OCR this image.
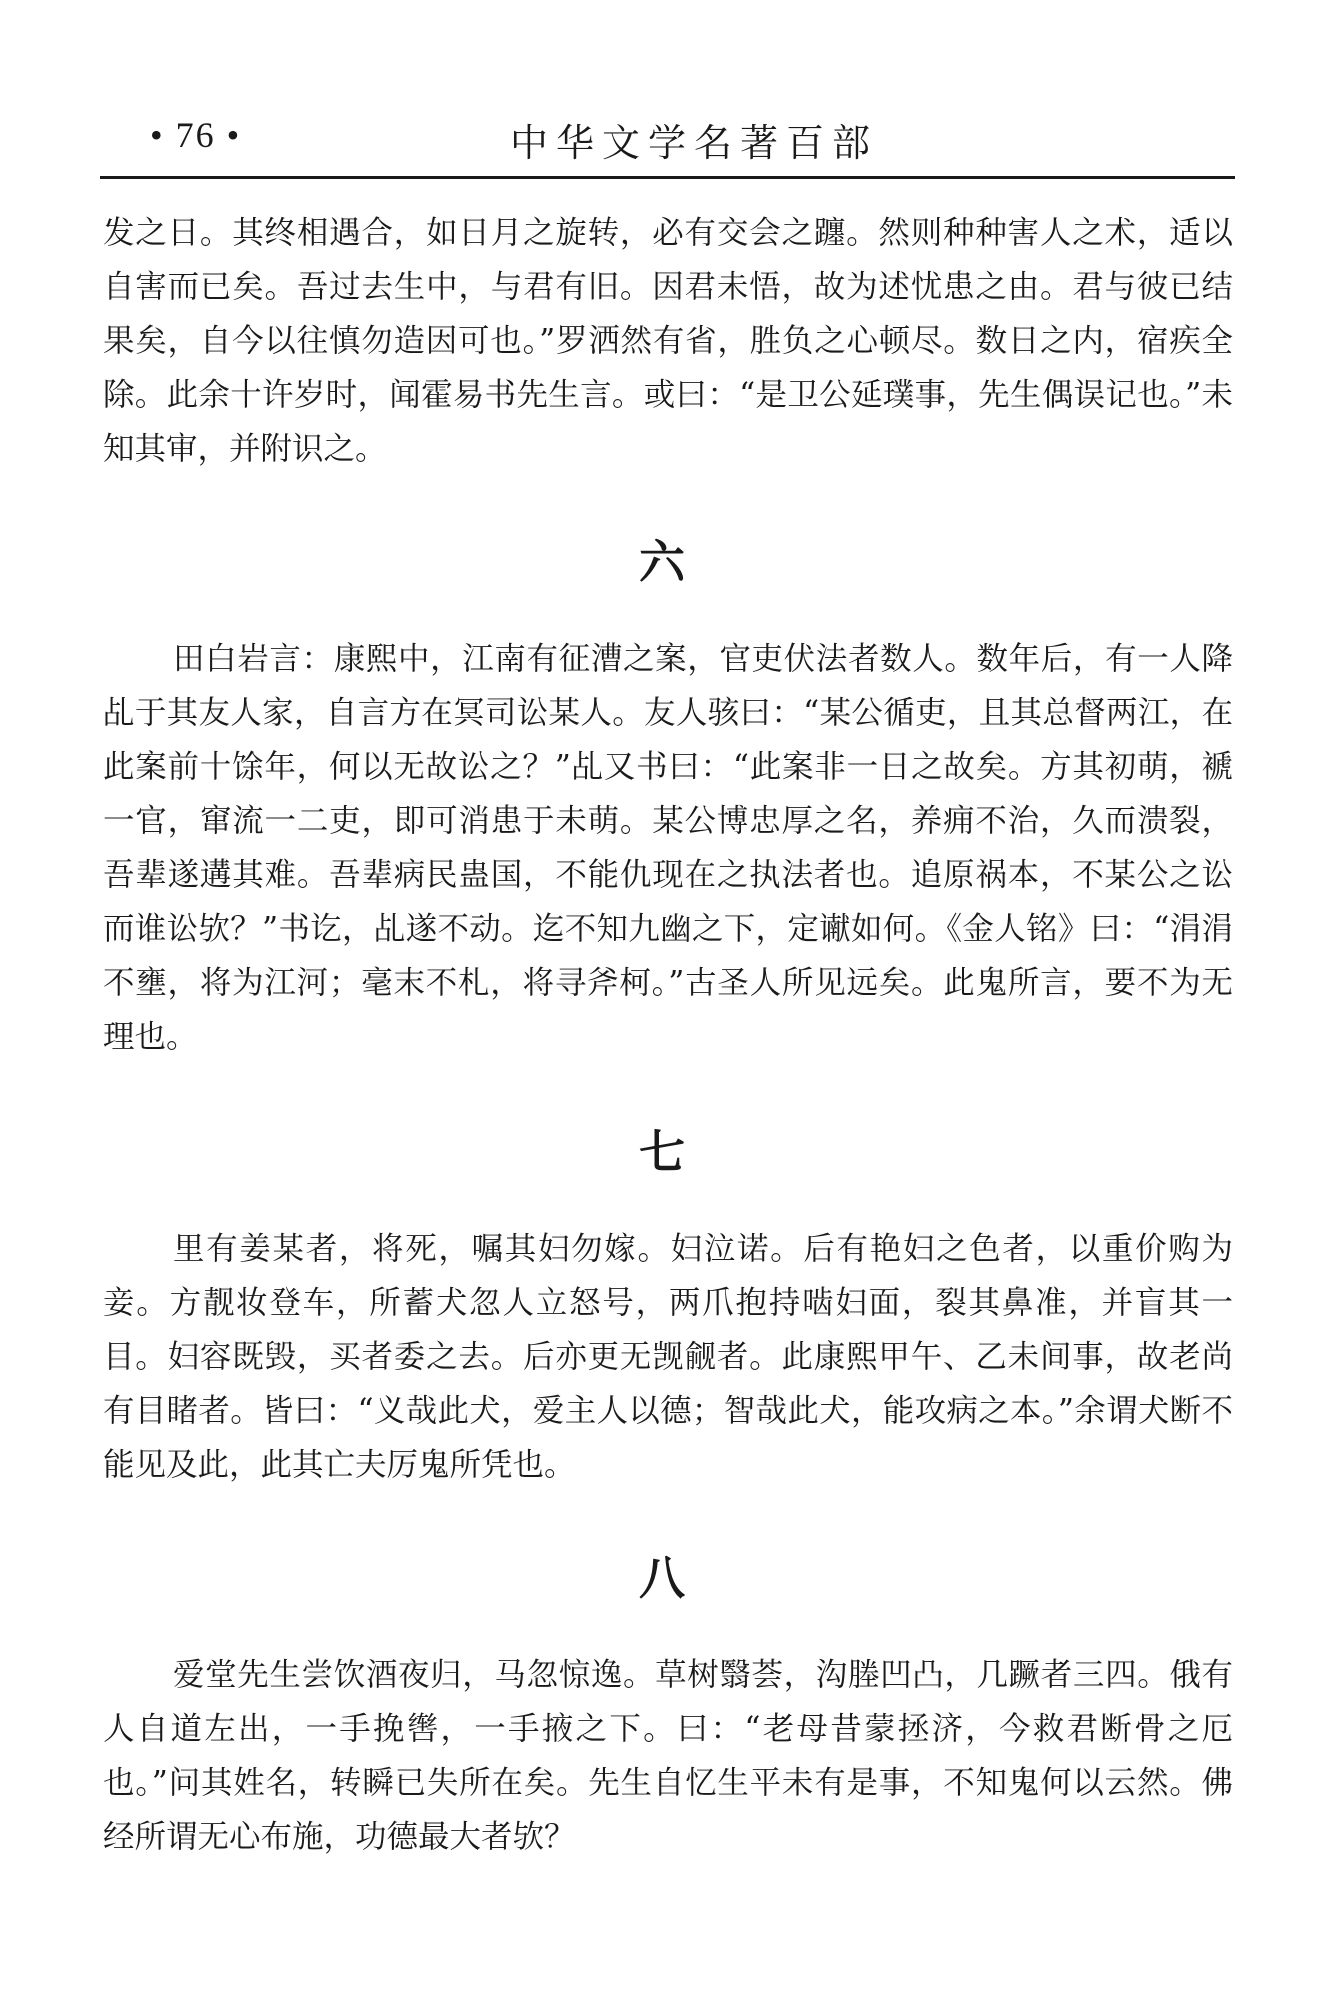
• 76 •	中华文学名著百部

发之日。其终相遇合，如日月之旋转，必有交会之躔。然则种种害人之术，适以自害而已矣。吾过去生中，与君有旧。因君未悟，故为述忧患之由。君与彼已结果矣，自今以往慎勿造因可也。”罗洒然有省，胜负之心顿尽。数日之内，宿疾全除。此余十许岁时，闻霍易书先生言。或曰：“是卫公延璞事，先生偶误记也。”未知其审，并附识之。

六

田白岩言：康熙中，江南有征漕之案，官吏伏法者数人。数年后，有一人降乩于其友人家，自言方在冥司讼某人。友人骇曰：“某公循吏，且其总督两江，在此案前十馀年，何以无故讼之？”乩又书曰：“此案非一日之故矣。方其初萌，褫一官，窜流一二吏，即可消患于未萌。某公博忠厚之名，养痈不治，久而溃裂，吾辈遂遘其难。吾辈病民蛊国，不能仇现在之执法者也。追原祸本，不某公之讼而谁讼欤？”书讫，乩遂不动。迄不知九幽之下，定谳如何。《金人铭》曰：“涓涓不壅，将为江河；毫末不札，将寻斧柯。”古圣人所见远矣。此鬼所言，要不为无理也。

七

里有姜某者，将死，嘱其妇勿嫁。妇泣诺。后有艳妇之色者，以重价购为妾。方靓妆登车，所蓄犬忽人立怒号，两爪抱持啮妇面，裂其鼻准，并盲其一目。妇容既毁，买者委之去。后亦更无觊觎者。此康熙甲午、乙未间事，故老尚有目睹者。皆曰：“义哉此犬，爱主人以德；智哉此犬，能攻病之本。”余谓犬断不能见及此，此其亡夫厉鬼所凭也。

八

爱堂先生尝饮酒夜归，马忽惊逸。草树翳荟，沟塍凹凸，几蹶者三四。俄有人自道左出，一手挽辔，一手掖之下。曰：“老母昔蒙拯济，今救君断骨之厄也。”问其姓名，转瞬已失所在矣。先生自忆生平未有是事，不知鬼何以云然。佛经所谓无心布施，功德最大者欤？
